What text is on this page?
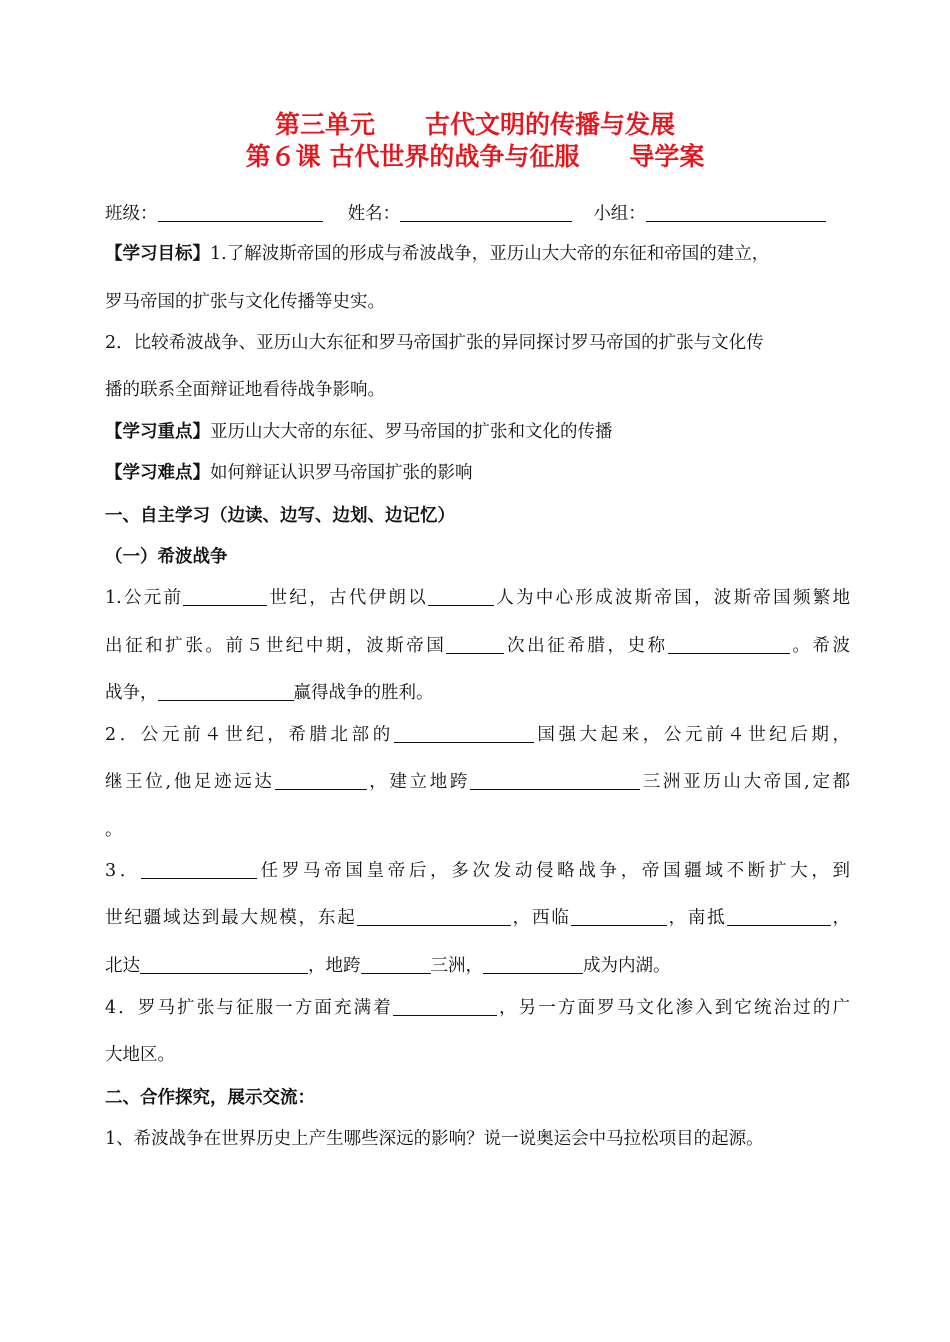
第三单元　　古代文明的传播与发展
第６课 古代世界的战争与征服　　导学案
班级：	姓名：	小组：
【学习目标】1.了解波斯帝国的形成与希波战争，亚历山大大帝的东征和帝国的建立，
罗马帝国的扩张与文化传播等史实。
2．比较希波战争、亚历山大东征和罗马帝国扩张的异同探讨罗马帝国的扩张与文化传
播的联系全面辩证地看待战争影响。
【学习重点】亚历山大大帝的东征、罗马帝国的扩张和文化的传播
【学习难点】如何辩证认识罗马帝国扩张的影响
一、自主学习（边读、边写、边划、边记忆）
（一）希波战争
1.公元前	世纪，古代伊朗以	人为中心形成波斯帝国，波斯帝国频繁地
出征和扩张。前５世纪中期，波斯帝国	次出征希腊，史称	。希波
战争，	赢得战争的胜利。
2．公元前４世纪，希腊北部的	国强大起来，公元前４世纪后期，
继王位,他足迹远达	，建立地跨	三洲亚历山大帝国,定都
。
3．	任罗马帝国皇帝后，多次发动侵略战争，帝国疆域不断扩大，到
世纪疆域达到最大规模，东起	，西临	，南抵	，
北达	，地跨	三洲，	成为内湖。
4．罗马扩张与征服一方面充满着	，另一方面罗马文化渗入到它统治过的广
大地区。
二、合作探究，展示交流：
1、希波战争在世界历史上产生哪些深远的影响？说一说奥运会中马拉松项目的起源。
